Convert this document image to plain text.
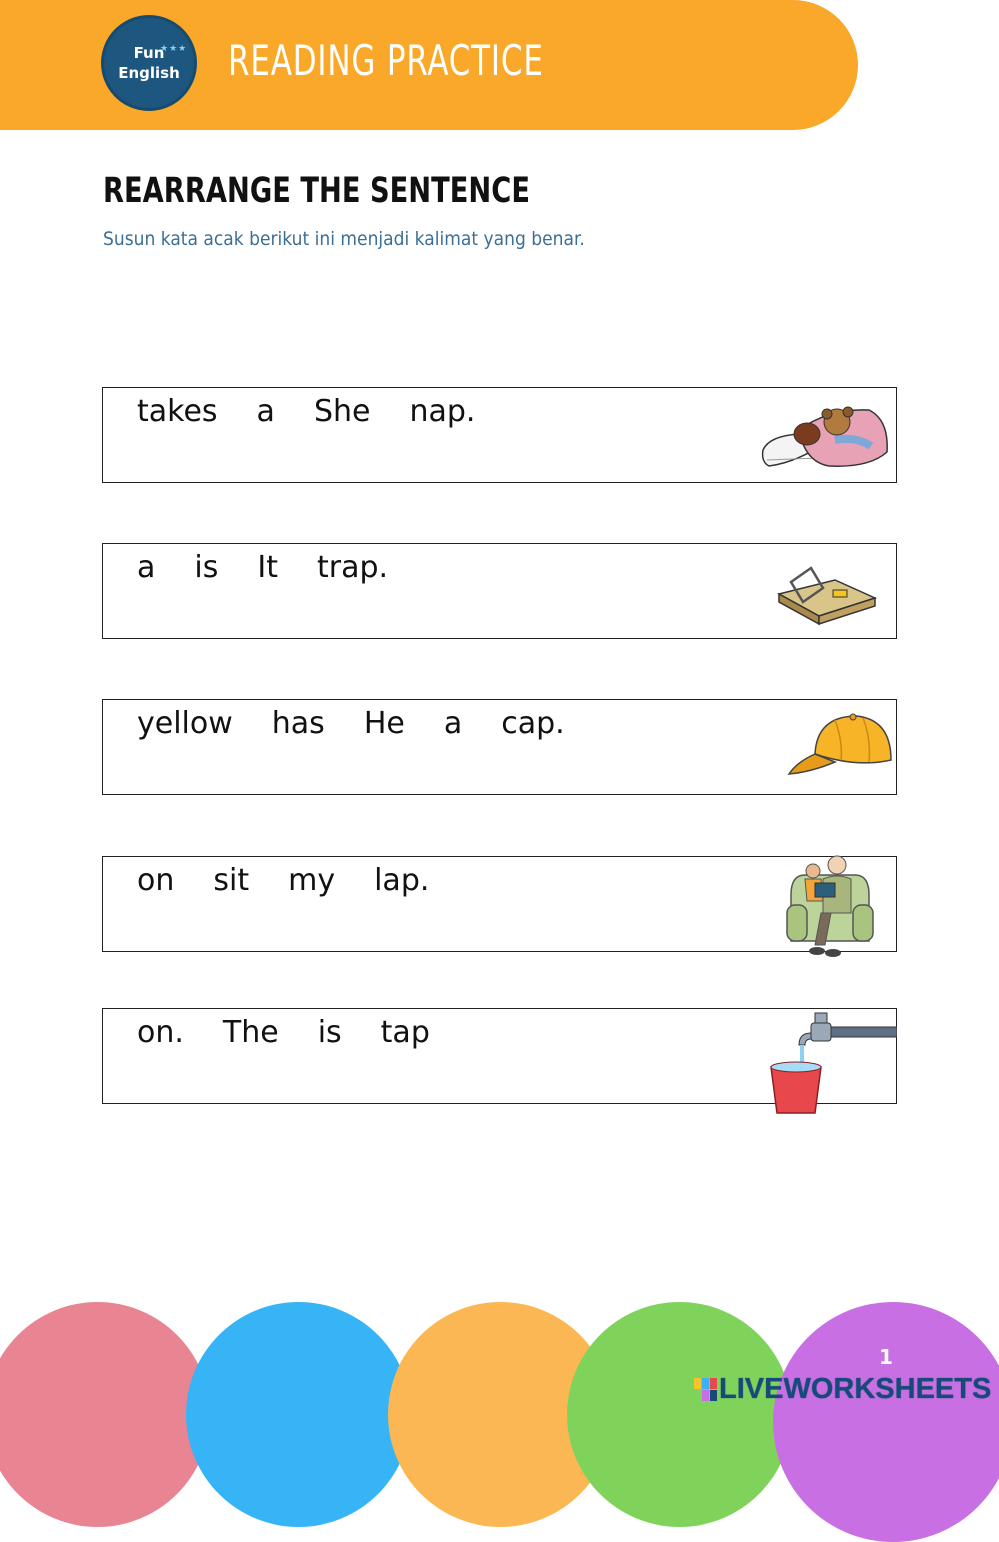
Fun
★★★
English	READING PRACTICE
REARRANGE THE SENTENCE
Susun kata acak berikut ini menjadi kalimat yang benar.
takes a She nap.
a is It trap.
yellow has He a cap.
on sit my lap.
on. The is tap
1
LIVEWORKSHEETS
